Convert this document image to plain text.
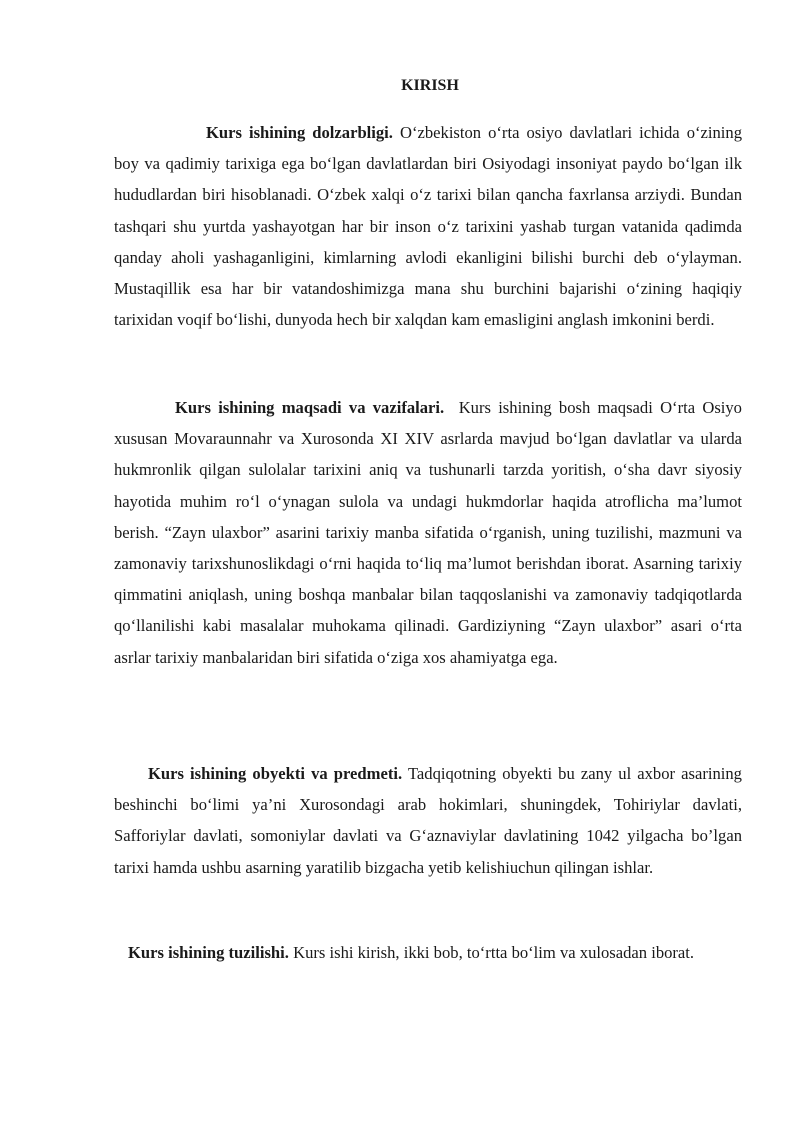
KIRISH

Kurs ishining dolzarbligi. O‘zbekiston o‘rta osiyo davlatlari ichida o‘zining boy va qadimiy tarixiga ega bo‘lgan davlatlardan biri Osiyodagi insoniyat paydo bo‘lgan ilk hududlardan biri hisoblanadi. O‘zbek xalqi o‘z tarixi bilan qancha faxrlansa arziydi. Bundan tashqari shu yurtda yashayotgan har bir inson o‘z tarixini yashab turgan vatanida qadimda qanday aholi yashaganligini, kimlarning avlodi ekanligini bilishi burchi deb o‘ylayman. Mustaqillik esa har bir vatandoshimizga mana shu burchini bajarishi o‘zining haqiqiy tarixidan voqif bo‘lishi, dunyoda hech bir xalqdan kam emasligini anglash imkonini berdi.

Kurs ishining maqsadi va vazifalari. Kurs ishining bosh maqsadi O‘rta Osiyo xususan Movaraunnahr va Xurosonda XI XIV asrlarda mavjud bo‘lgan davlatlar va ularda hukmronlik qilgan sulolalar tarixini aniq va tushunarli tarzda yoritish, o‘sha davr siyosiy hayotida muhim ro‘l o‘ynagan sulola va undagi hukmdorlar haqida atroflicha ma’lumot berish. “Zayn ulaxbor” asarini tarixiy manba sifatida o‘rganish, uning tuzilishi, mazmuni va zamonaviy tarixshunoslikdagi o‘rni haqida to‘liq ma’lumot berishdan iborat. Asarning tarixiy qimmatini aniqlash, uning boshqa manbalar bilan taqqoslanishi va zamonaviy tadqiqotlarda qo‘llanilishi kabi masalalar muhokama qilinadi. Gardiziyning “Zayn ulaxbor” asari o‘rta asrlar tarixiy manbalaridan biri sifatida o‘ziga xos ahamiyatga ega.

Kurs ishining obyekti va predmeti. Tadqiqotning obyekti bu zany ul axbor asarining beshinchi bo‘limi ya’ni Xurosondagi arab hokimlari, shuningdek, Tohiriylar davlati, Safforiylar davlati, somoniylar davlati va G‘aznaviylar davlatining 1042 yilgacha bo’lgan tarixi hamda ushbu asarning yaratilib bizgacha yetib kelishiuchun qilingan ishlar.

Kurs ishining tuzilishi. Kurs ishi kirish, ikki bob, to‘rtta bo‘lim va xulosadan iborat.
